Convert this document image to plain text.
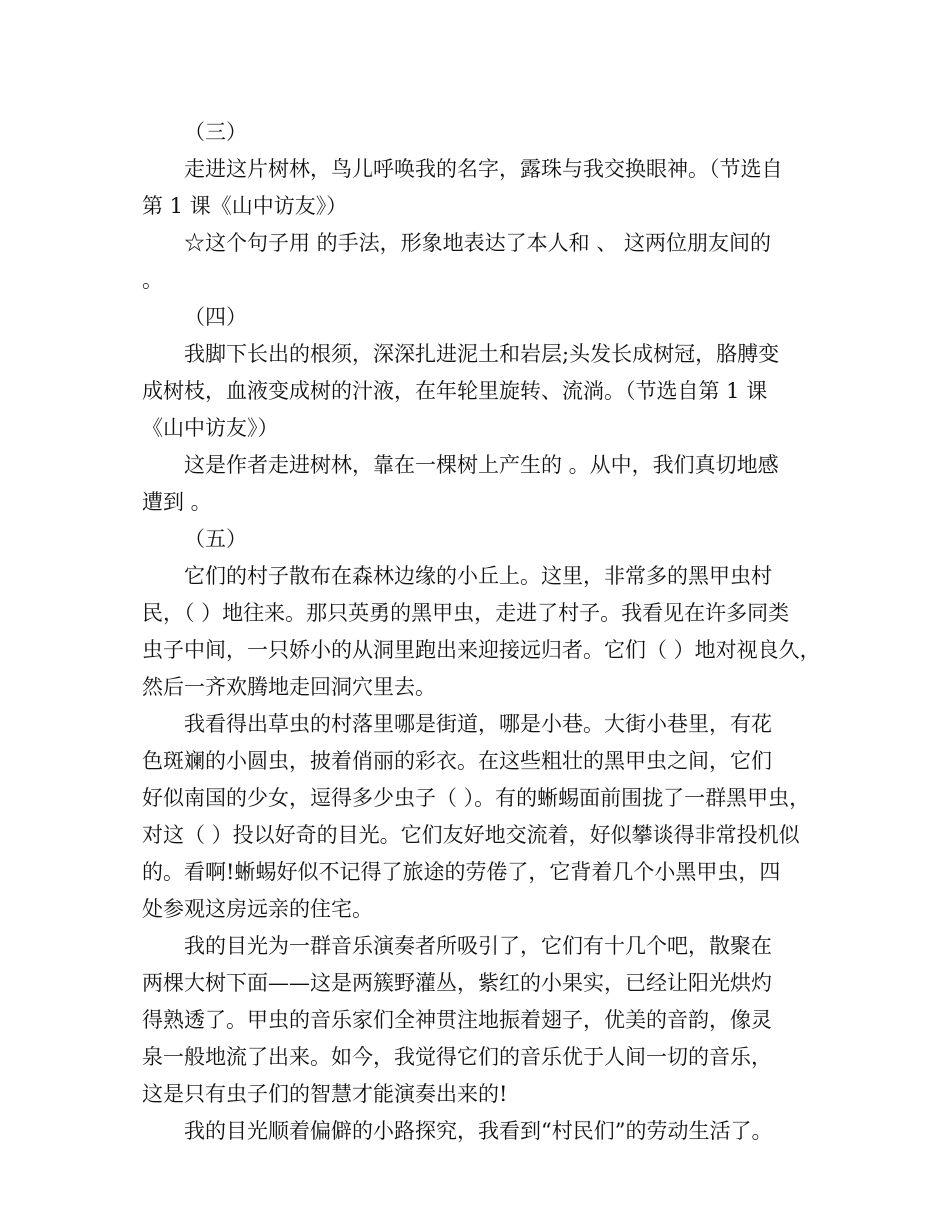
（三）
走进这片树林，鸟儿呼唤我的名字，露珠与我交换眼神。（节选自
第 1 课《山中访友》）
☆这个句子用 的手法，形象地表达了本人和 、 这两位朋友间的
。
（四）
我脚下长出的根须，深深扎进泥土和岩层;头发长成树冠，胳膊变
成树枝，血液变成树的汁液，在年轮里旋转、流淌。（节选自第 1 课
《山中访友》）
这是作者走进树林，靠在一棵树上产生的 。从中，我们真切地感
遭到 。
（五）
它们的村子散布在森林边缘的小丘上。这里，非常多的黑甲虫村
民，（ ）地往来。那只英勇的黑甲虫，走进了村子。我看见在许多同类
虫子中间，一只娇小的从洞里跑出来迎接远归者。它们（ ）地对视良久，
然后一齐欢腾地走回洞穴里去。
我看得出草虫的村落里哪是街道，哪是小巷。大街小巷里，有花
色斑斓的小圆虫，披着俏丽的彩衣。在这些粗壮的黑甲虫之间，它们
好似南国的少女，逗得多少虫子（ ）。有的蜥蜴面前围拢了一群黑甲虫，
对这（ ）投以好奇的目光。它们友好地交流着，好似攀谈得非常投机似
的。看啊!蜥蜴好似不记得了旅途的劳倦了，它背着几个小黑甲虫，四
处参观这房远亲的住宅。
我的目光为一群音乐演奏者所吸引了，它们有十几个吧，散聚在
两棵大树下面——这是两簇野灌丛，紫红的小果实，已经让阳光烘灼
得熟透了。甲虫的音乐家们全神贯注地振着翅子，优美的音韵，像灵
泉一般地流了出来。如今，我觉得它们的音乐优于人间一切的音乐，
这是只有虫子们的智慧才能演奏出来的!
我的目光顺着偏僻的小路探究，我看到“村民们”的劳动生活了。
